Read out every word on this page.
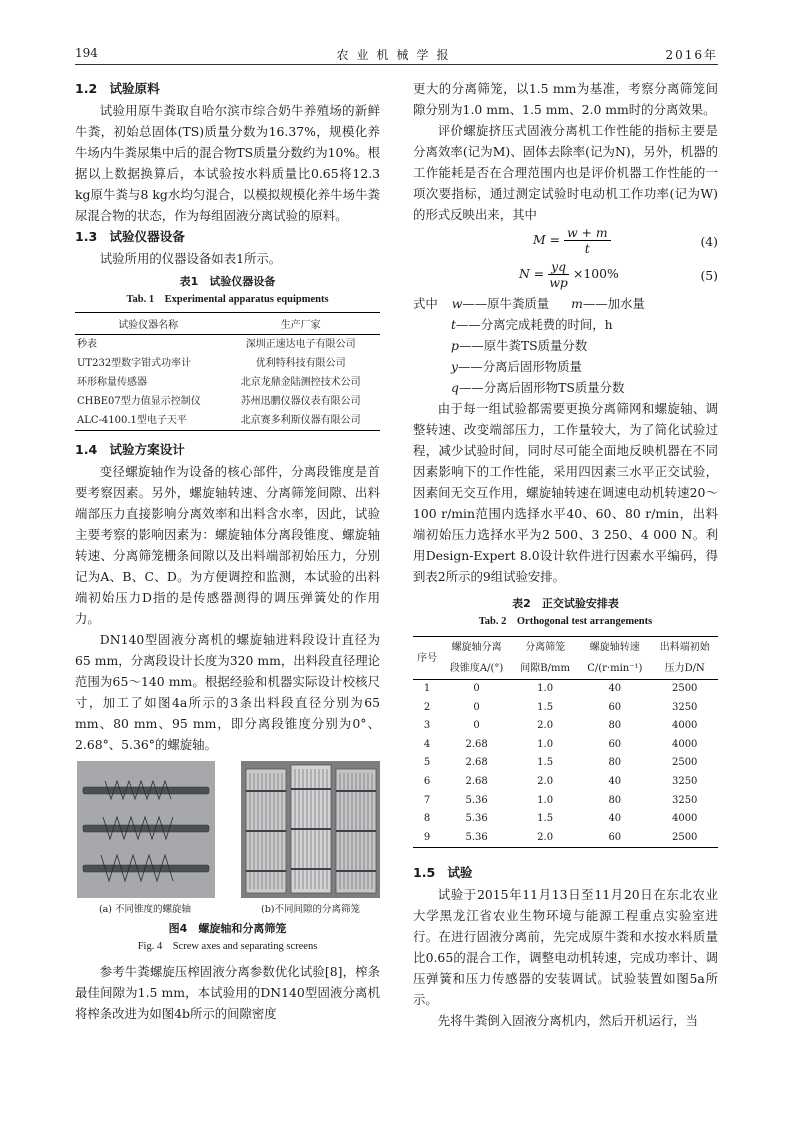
194	农业机械学报	2016年

1.2 试验原料

试验用原牛粪取自哈尔滨市综合奶牛养殖场的新鲜牛粪，初始总固体(TS)质量分数为16.37%，规模化养牛场内牛粪尿集中后的混合物TS质量分数约为10%。根据以上数据换算后，本试验按水料质量比0.65将12.3 kg原牛粪与8 kg水均匀混合，以模拟规模化养牛场牛粪尿混合物的状态，作为每组固液分离试验的原料。

1.3 试验仪器设备

试验所用的仪器设备如表1所示。

表1　试验仪器设备

Tab. 1　Experimental apparatus equipments

试验仪器名称	生产厂家
秒表	深圳正速达电子有限公司
UT232型数字钳式功率计	优利特科技有限公司
环形称量传感器	北京龙鼎金陆测控技术公司
CHBE07型力值显示控制仪	苏州迅鹏仪器仪表有限公司
ALC-4100.1型电子天平	北京赛多利斯仪器有限公司

1.4 试验方案设计

变径螺旋轴作为设备的核心部件，分离段锥度是首要考察因素。另外，螺旋轴转速、分离筛笼间隙、出料端部压力直接影响分离效率和出料含水率，因此，试验主要考察的影响因素为：螺旋轴体分离段锥度、螺旋轴转速、分离筛笼栅条间隙以及出料端部初始压力，分别记为A、B、C、D。为方便调控和监测，本试验的出料端初始压力D指的是传感器测得的调压弹簧处的作用力。

DN140型固液分离机的螺旋轴进料段设计直径为65 mm，分离段设计长度为320 mm，出料段直径理论范围为65～140 mm。根据经验和机器实际设计校核尺寸，加工了如图4a所示的3条出料段直径分别为65 mm、80 mm、95 mm，即分离段锥度分别为0°、2.68°、5.36°的螺旋轴。

(a) 不同锥度的螺旋轴	(b)不同间隙的分离筛笼

图4　螺旋轴和分离筛笼

Fig. 4　Screw axes and separating screens

参考牛粪螺旋压榨固液分离参数优化试验[8]，榨条最佳间隙为1.5 mm，本试验用的DN140型固液分离机将榨条改进为如图4b所示的间隙密度

更大的分离筛笼，以1.5 mm为基准，考察分离筛笼间隙分别为1.0 mm、1.5 mm、2.0 mm时的分离效果。

评价螺旋挤压式固液分离机工作性能的指标主要是分离效率(记为M)、固体去除率(记为N)，另外，机器的工作能耗是否在合理范围内也是评价机器工作性能的一项次要指标，通过测定试验时电动机工作功率(记为W)的形式反映出来，其中

$M = \frac{w + m}{t}$	(4)
$N = \frac{yq}{wp} \times 100\%$	(5)
式中 w——原牛粪质量 m——加水量
t——分离完成耗费的时间，h
p——原牛粪TS质量分数
y——分离后固形物质量
q——分离后固形物TS质量分数

由于每一组试验都需要更换分离筛网和螺旋轴、调整转速、改变端部压力，工作量较大，为了简化试验过程，减少试验时间，同时尽可能全面地反映机器在不同因素影响下的工作性能，采用四因素三水平正交试验，因素间无交互作用，螺旋轴转速在调速电动机转速20～100 r/min范围内选择水平40、60、80 r/min，出料端初始压力选择水平为2 500、3 250、4 000 N。利用Design-Expert 8.0设计软件进行因素水平编码，得到表2所示的9组试验安排。

表2　正交试验安排表

Tab. 2　Orthogonal test arrangements

序号	螺旋轴分离	分离筛笼	螺旋轴转速	出料端初始
	段锥度A/(°)	间隙B/mm	C/(r·min⁻¹)	压力D/N
1	0	1.0	40	2500
2	0	1.5	60	3250
3	0	2.0	80	4000
4	2.68	1.0	60	4000
5	2.68	1.5	80	2500
6	2.68	2.0	40	3250
7	5.36	1.0	80	3250
8	5.36	1.5	40	4000
9	5.36	2.0	60	2500

1.5 试验

试验于2015年11月13日至11月20日在东北农业大学黑龙江省农业生物环境与能源工程重点实验室进行。在进行固液分离前，先完成原牛粪和水按水料质量比0.65的混合工作，调整电动机转速，完成功率计、调压弹簧和压力传感器的安装调试。试验装置如图5a所示。

先将牛粪倒入固液分离机内，然后开机运行，当
